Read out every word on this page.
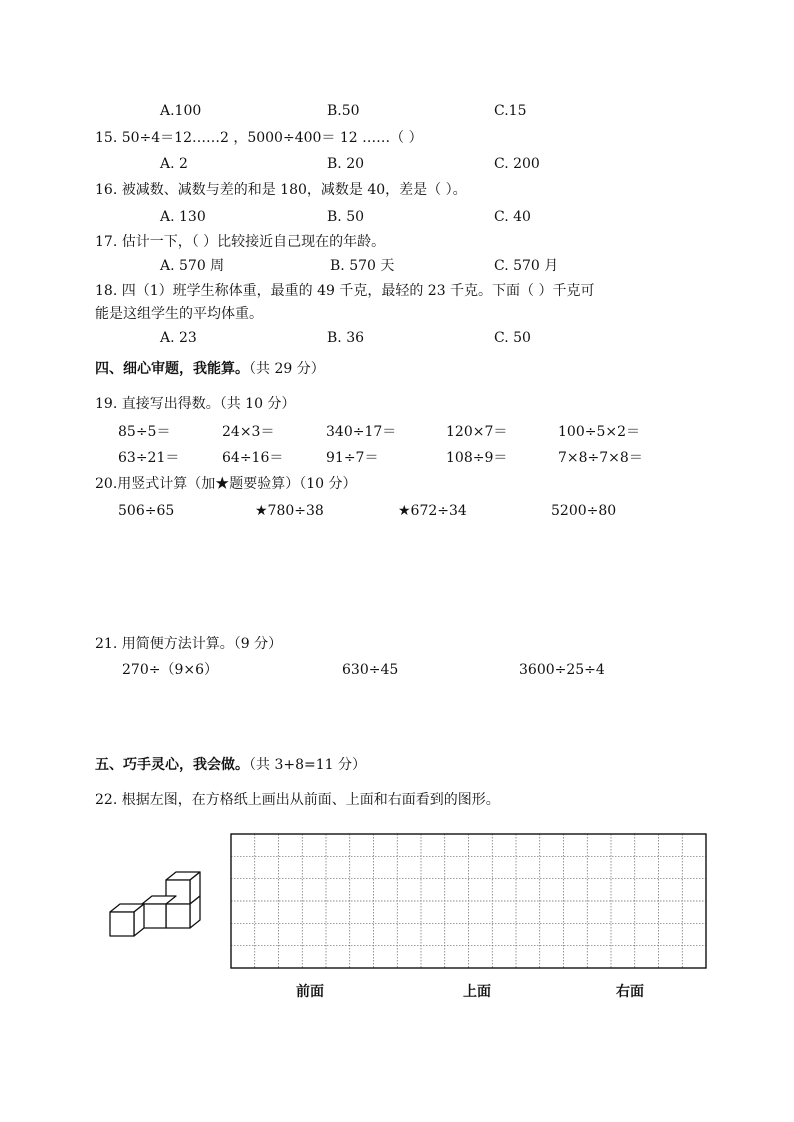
A.100	B.50	C.15
15. 50÷4＝12……2 ，5000÷400＝ 12 ……（ ）
A. 2	B. 20	C. 200
16. 被减数、减数与差的和是 180，减数是 40，差是（ ）。
A. 130	B. 50	C. 40
17. 估计一下，（ ）比较接近自己现在的年龄。
A. 570 周	B. 570 天	C. 570 月
18. 四（1）班学生称体重，最重的 49 千克，最轻的 23 千克。下面（ ）千克可
能是这组学生的平均体重。
A. 23	B. 36	C. 50
四、细心审题，我能算。（共 29 分）
19. 直接写出得数。（共 10 分）
85÷5＝	24×3＝	340÷17＝	120×7＝	100÷5×2＝
63÷21＝	64÷16＝	91÷7＝	108÷9＝	7×8÷7×8＝
20.用竖式计算（加★题要验算）（10 分）
506÷65	★780÷38	★672÷34	5200÷80
21. 用简便方法计算。（9 分）
270÷（9×6）	630÷45	3600÷25÷4
五、巧手灵心，我会做。（共 3+8=11 分）
22. 根据左图，在方格纸上画出从前面、上面和右面看到的图形。
前面	上面	右面
